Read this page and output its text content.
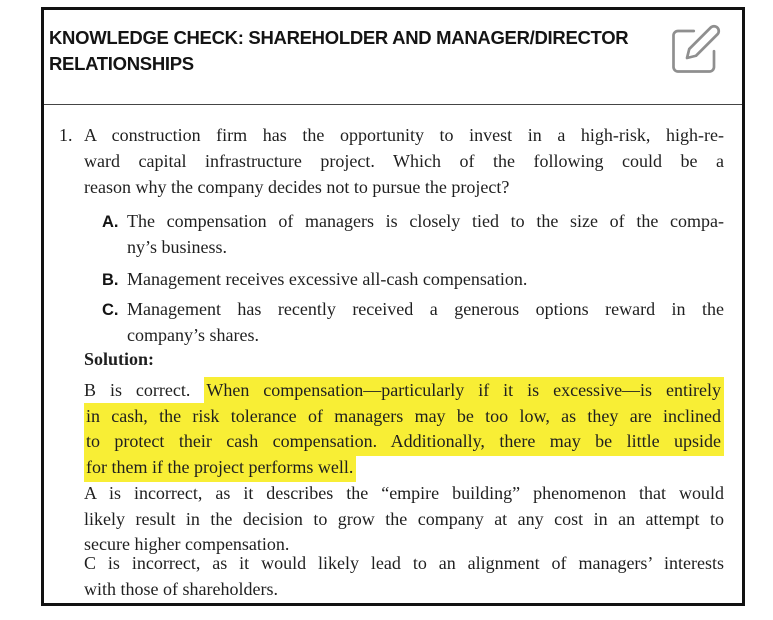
KNOWLEDGE CHECK: SHAREHOLDER AND MANAGER/DIRECTOR
RELATIONSHIPS
1. A construction firm has the opportunity to invest in a high-risk, high-re-
ward capital infrastructure project. Which of the following could be a
reason why the company decides not to pursue the project?
A. The compensation of managers is closely tied to the size of the compa-
ny’s business.
B. Management receives excessive all-cash compensation.
C. Management has recently received a generous options reward in the
company’s shares.
Solution:
B is correct. When compensation—particularly if it is excessive—is entirely
in cash, the risk tolerance of managers may be too low, as they are inclined
to protect their cash compensation. Additionally, there may be little upside
for them if the project performs well.
A is incorrect, as it describes the “empire building” phenomenon that would
likely result in the decision to grow the company at any cost in an attempt to
secure higher compensation.
C is incorrect, as it would likely lead to an alignment of managers’ interests
with those of shareholders.
